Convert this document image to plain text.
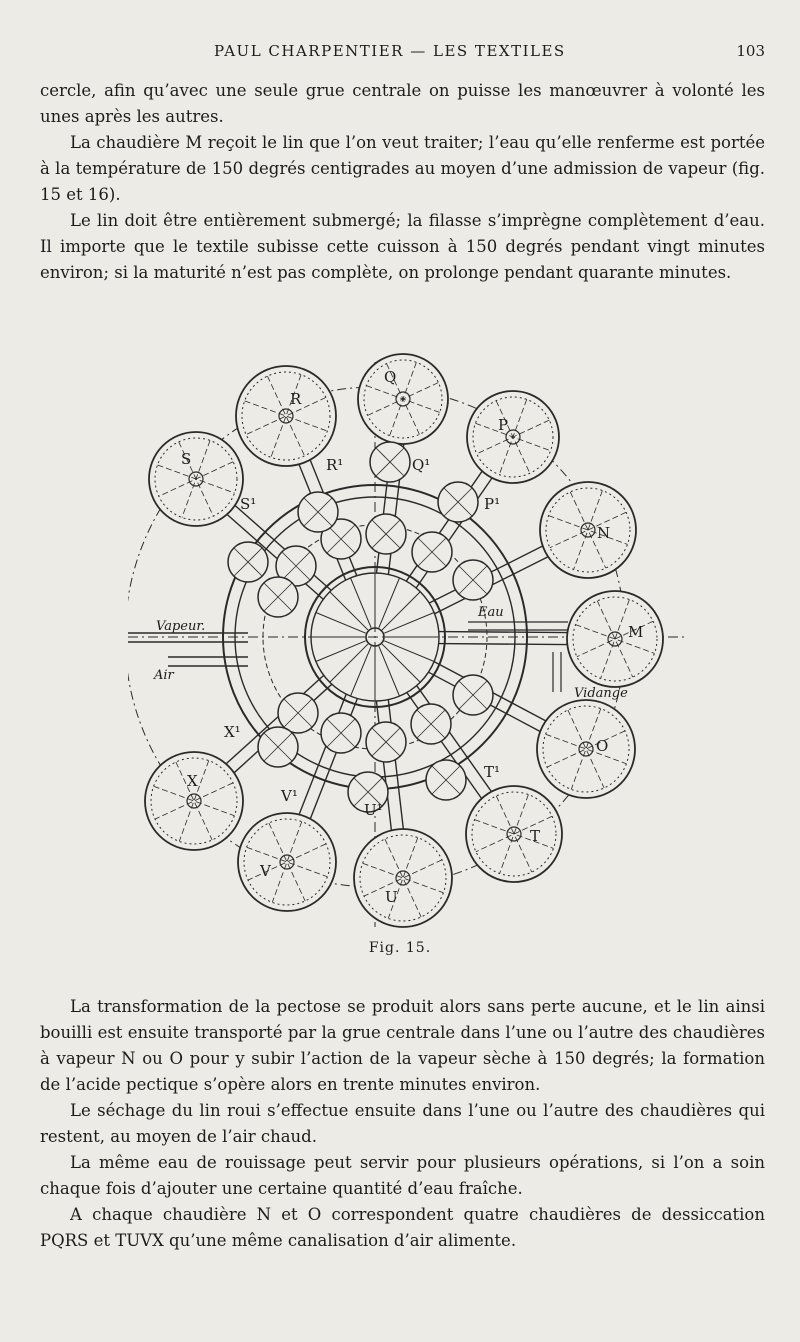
PAUL CHARPENTIER — LES TEXTILES	103

cercle, afin qu’avec une seule grue centrale on puisse les manœuvrer à volonté les unes après les autres.

La chaudière M reçoit le lin que l’on veut traiter; l’eau qu’elle renferme est portée à la température de 150 degrés centigrades au moyen d’une admission de vapeur (fig. 15 et 16).

Le lin doit être entièrement submergé; la filasse s’imprègne complètement d’eau. Il importe que le textile subisse cette cuisson à 150 degrés pendant vingt minutes environ; si la maturité n’est pas complète, on prolonge pendant quarante minutes.

Q
R
P
S
N
M
O
X
T
V
U
R¹	Q¹
P¹
S¹
X¹
V¹
U¹
T¹
Vapeur.
Air
Eau
Vidange
Fig. 15.

La transformation de la pectose se produit alors sans perte aucune, et le lin ainsi bouilli est ensuite transporté par la grue centrale dans l’une ou l’autre des chaudières à vapeur N ou O pour y subir l’action de la vapeur sèche à 150 degrés; la formation de l’acide pectique s’opère alors en trente minutes environ.

Le séchage du lin roui s’effectue ensuite dans l’une ou l’autre des chaudières qui restent, au moyen de l’air chaud.

La même eau de rouissage peut servir pour plusieurs opérations, si l’on a soin chaque fois d’ajouter une certaine quantité d’eau fraîche.

A chaque chaudière N et O correspondent quatre chaudières de dessiccation PQRS et TUVX qu’une même canalisation d’air alimente.
